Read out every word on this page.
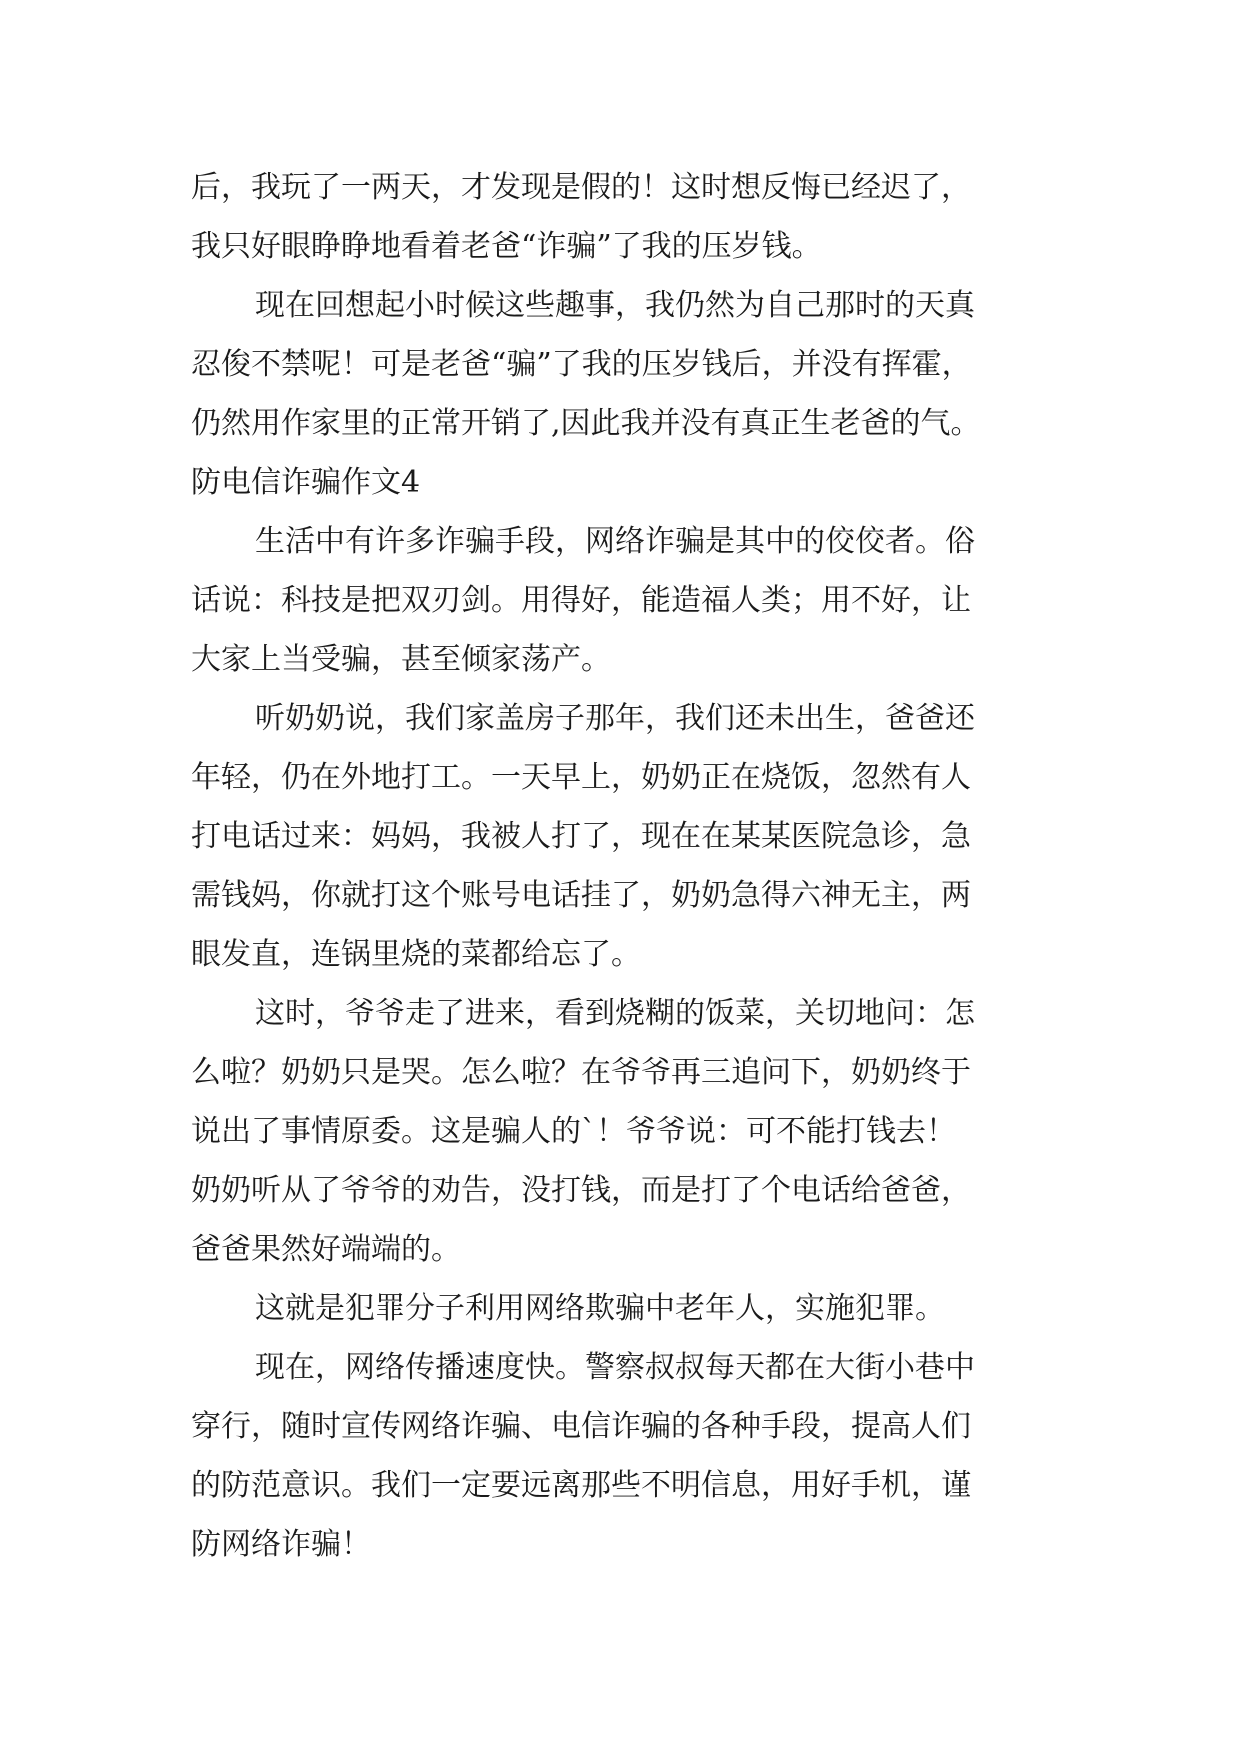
后，我玩了一两天，才发现是假的！这时想反悔已经迟了，
我只好眼睁睁地看着老爸“诈骗”了我的压岁钱。
现在回想起小时候这些趣事，我仍然为自己那时的天真
忍俊不禁呢！可是老爸“骗”了我的压岁钱后，并没有挥霍，
仍然用作家里的正常开销了,因此我并没有真正生老爸的气。
防电信诈骗作文4
生活中有许多诈骗手段，网络诈骗是其中的佼佼者。俗
话说：科技是把双刃剑。用得好，能造福人类；用不好，让
大家上当受骗，甚至倾家荡产。
听奶奶说，我们家盖房子那年，我们还未出生，爸爸还
年轻，仍在外地打工。一天早上，奶奶正在烧饭，忽然有人
打电话过来：妈妈，我被人打了，现在在某某医院急诊，急
需钱妈，你就打这个账号电话挂了，奶奶急得六神无主，两
眼发直，连锅里烧的菜都给忘了。
这时，爷爷走了进来，看到烧糊的饭菜，关切地问：怎
么啦？奶奶只是哭。怎么啦？在爷爷再三追问下，奶奶终于
说出了事情原委。这是骗人的`！爷爷说：可不能打钱去！
奶奶听从了爷爷的劝告，没打钱，而是打了个电话给爸爸，
爸爸果然好端端的。
这就是犯罪分子利用网络欺骗中老年人，实施犯罪。
现在，网络传播速度快。警察叔叔每天都在大街小巷中
穿行，随时宣传网络诈骗、电信诈骗的各种手段，提高人们
的防范意识。我们一定要远离那些不明信息，用好手机，谨
防网络诈骗！
